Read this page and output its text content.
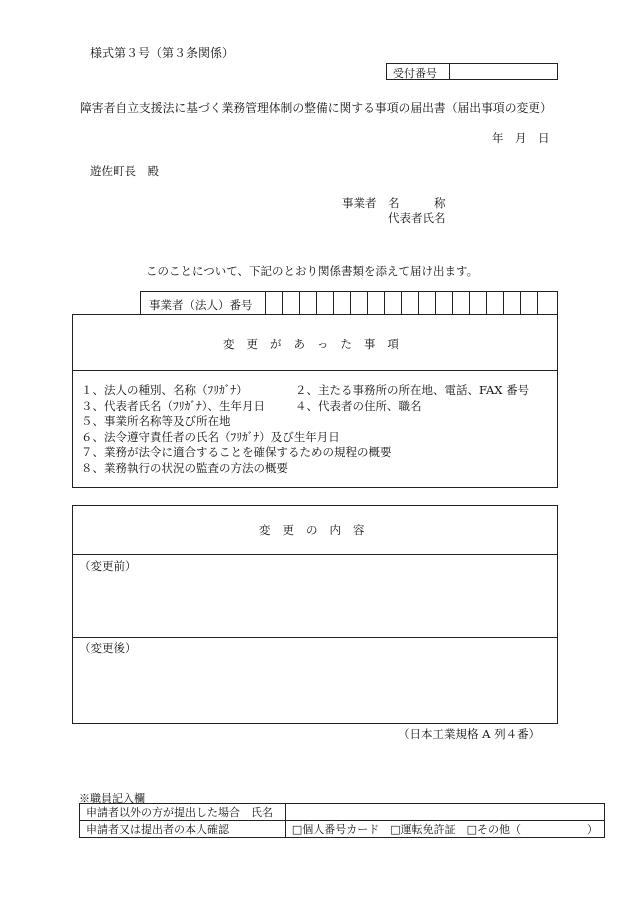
様式第３号（第３条関係）
受付番号
障害者自立支援法に基づく業務管理体制の整備に関する事項の届出書（届出事項の変更）
年　月　日
遊佐町長　殿
事業者　名　　　称
代表者氏名
このことについて、下記のとおり関係書類を添えて届け出ます。
事業者（法人）番号
変更があった事項
１、法人の種別、名称（ﾌﾘｶﾞﾅ）	２、主たる事務所の所在地、電話、FAX 番号
３、代表者氏名（ﾌﾘｶﾞﾅ）、生年月日	４、代表者の住所、職名
５、事業所名称等及び所在地
６、法令遵守責任者の氏名（ﾌﾘｶﾞﾅ）及び生年月日
７、業務が法令に適合することを確保するための規程の概要
８、業務執行の状況の監査の方法の概要
変更の内容
（変更前）
（変更後）
（日本工業規格 A 列４番）
※職員記入欄
申請者以外の方が提出した場合　氏名	
申請者又は提出者の本人確認	□個人番号カード　□運転免許証　□その他（　　　　　　）
